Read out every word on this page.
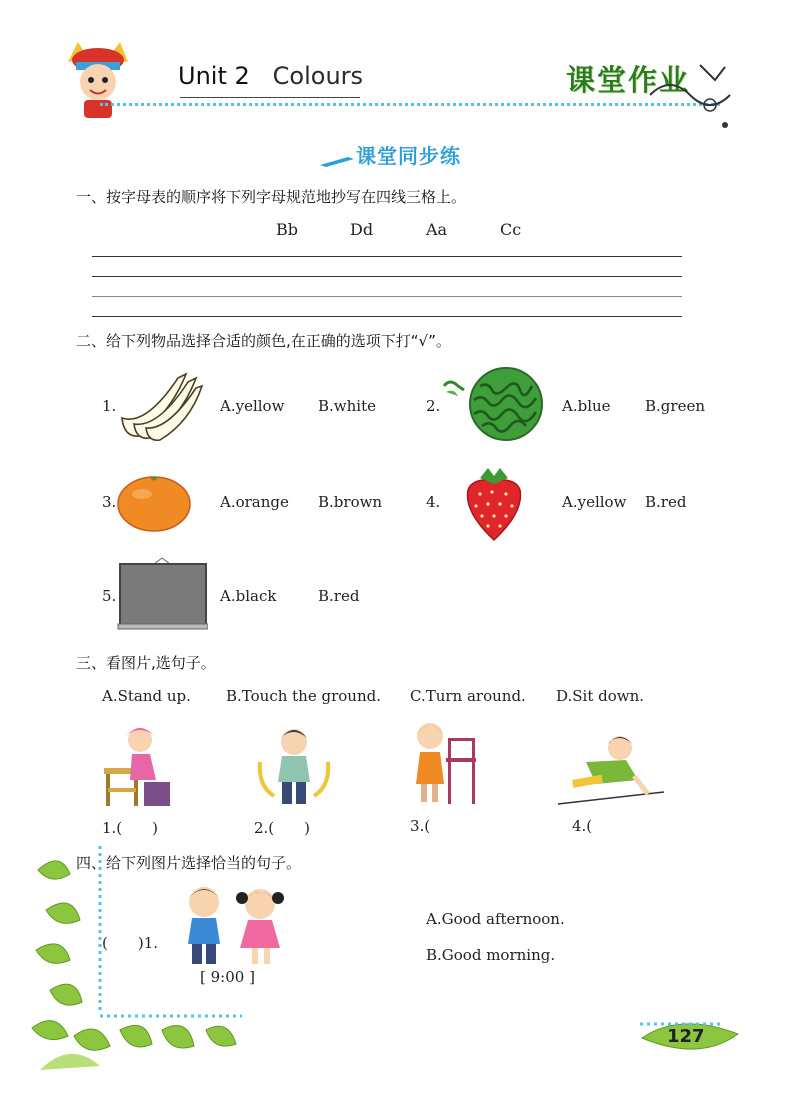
Unit 2 Colours	课堂作业
课堂同步练
一、按字母表的顺序将下列字母规范地抄写在四线三格上。
Bb	Dd	Aa	Cc
二、给下列物品选择合适的颜色,在正确的选项下打“√”。
1.	A.yellow B.white	2.	A.blue B.green
3.	A.orange B.brown	4.	A.yellow B.red
5.	A.black	B.red
三、看图片,选句子。
A.Stand up. B.Touch the ground. C.Turn around. D.Sit down.
1.(　　)	2.(　　)	3.(	4.(
四、给下列图片选择恰当的句子。
(　　)1.
[ 9:00 ]
A.Good afternoon.
B.Good morning.
127
